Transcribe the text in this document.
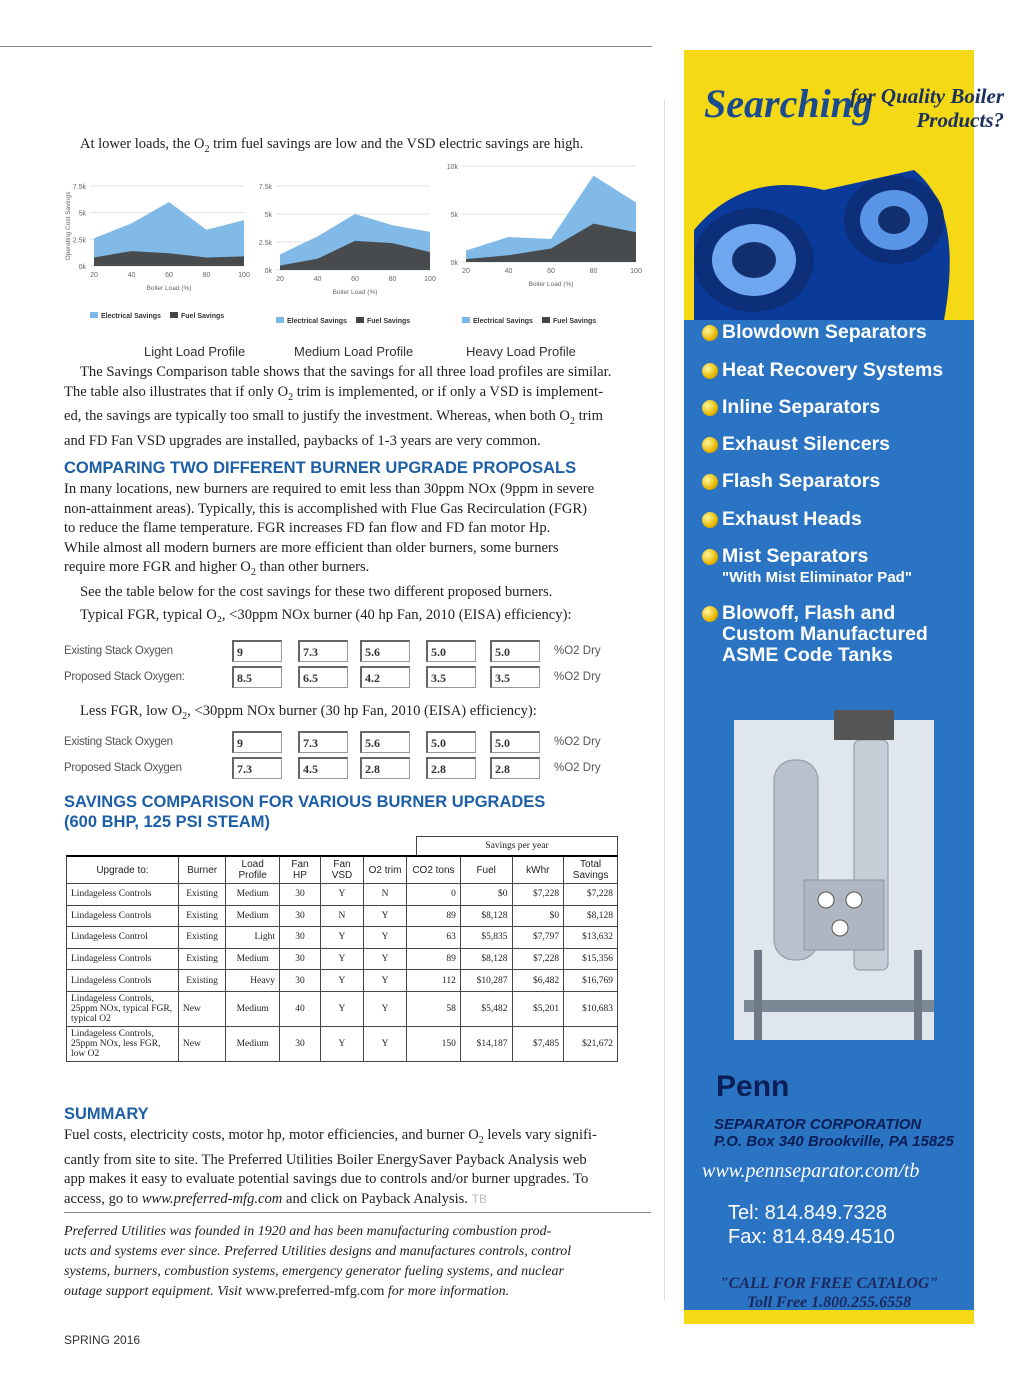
At lower loads, the $O_2$ trim fuel savings are low and the VSD electric savings are high.
0k
2.5k
5k
7.5k
20	40	60	80	100
Boiler Load (%)
Operating Cost Savings
Electrical Savings	Fuel Savings
0k
2.5k
5k
7.5k
20	40	60	80	100
Boiler Load (%)
Electrical Savings	Fuel Savings
0k
5k
10k
20	40	60	80	100
Boiler Load (%)
Electrical Savings	Fuel Savings
Light Load Profile	Medium Load Profile	Heavy Load Profile
The Savings Comparison table shows that the savings for all three load profiles are similar.
The table also illustrates that if only $O_2$ trim is implemented, or if only a VSD is implement-
ed, the savings are typically too small to justify the investment. Whereas, when both $O_2$ trim
and FD Fan VSD upgrades are installed, paybacks of 1-3 years are very common.
COMPARING TWO DIFFERENT BURNER UPGRADE PROPOSALS
In many locations, new burners are required to emit less than 30ppm NOx (9ppm in severe
non-attainment areas). Typically, this is accomplished with Flue Gas Recirculation (FGR)
to reduce the flame temperature. FGR increases FD fan flow and FD fan motor Hp.
While almost all modern burners are more efficient than older burners, some burners
require more FGR and higher $O_2$ than other burners.
See the table below for the cost savings for these two different proposed burners.
Typical FGR, typical O₂, <30ppm NOx burner (40 hp Fan, 2010 (EISA) efficiency):
Existing Stack Oxygen	9	7.3	5.6	5.0	5.0	%O2 Dry
Proposed Stack Oxygen:	8.5	6.5	4.2	3.5	3.5	%O2 Dry
Less FGR, low $O_2$, <30ppm NOx burner (30 hp Fan, 2010 (EISA) efficiency):
Existing Stack Oxygen	9	7.3	5.6	5.0	5.0	%O2 Dry
Proposed Stack Oxygen	7.3	4.5	2.8	2.8	2.8	%O2 Dry
SAVINGS COMPARISON FOR VARIOUS BURNER UPGRADES
(600 BHP, 125 PSI STEAM)
Savings per year
Upgrade to:	Burner	Load Profile	Fan HP	Fan VSD	O2 trim	CO2 tons	Fuel	kWhr	Total Savings
Lindageless Controls	Existing	Medium	30	Y	N	0	$0	$7,228	$7,228
Lindageless Controls	Existing	Medium	30	N	Y	89	$8,128	$0	$8,128
Lindageless Control	Existing	Light	30	Y	Y	63	$5,835	$7,797	$13,632
Lindageless Controls	Existing	Medium	30	Y	Y	89	$8,128	$7,228	$15,356
Lindageless Controls	Existing	Heavy	30	Y	Y	112	$10,287	$6,482	$16,769
Lindageless Controls, 25ppm NOx, typical FGR, typical O2	New	Medium	40	Y	Y	58	$5,482	$5,201	$10,683
Lindageless Controls, 25ppm NOx, less FGR, low O2	New	Medium	30	Y	Y	150	$14,187	$7,485	$21,672
SUMMARY
Fuel costs, electricity costs, motor hp, motor efficiencies, and burner $O_2$ levels vary signifi-
cantly from site to site. The Preferred Utilities Boiler EnergySaver Payback Analysis web
app makes it easy to evaluate potential savings due to controls and/or burner upgrades. To
access, go to www.preferred-mfg.com and click on Payback Analysis. TB
Preferred Utilities was founded in 1920 and has been manufacturing combustion prod-
ucts and systems ever since. Preferred Utilities designs and manufactures controls, control
systems, burners, combustion systems, emergency generator fueling systems, and nuclear
outage support equipment. Visit www.preferred-mfg.com for more information.
SPRING 2016
Searching
for Quality Boiler Products?
Blowdown Separators
Heat Recovery Systems
Inline Separators
Exhaust Silencers
Flash Separators
Exhaust Heads
Mist Separators
"With Mist Eliminator Pad"
Blowoff, Flash and Custom Manufactured ASME Code Tanks
Penn
SEPARATOR CORPORATION
P.O. Box 340 Brookville, PA 15825
www.pennseparator.com/tb
Tel: 814.849.7328
Fax: 814.849.4510
"CALL FOR FREE CATALOG"
Toll Free 1.800.255.6558
